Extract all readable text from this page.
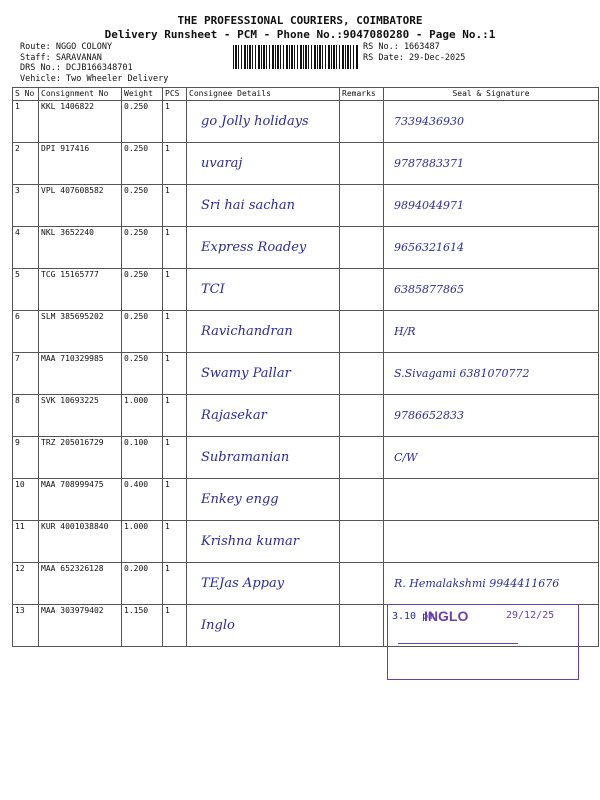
THE PROFESSIONAL COURIERS, COIMBATORE
Delivery Runsheet - PCM - Phone No.:9047080280 - Page No.:1
Route: NGGO COLONY
Staff: SARAVANAN
DRS No.: DCJB166348701
Vehicle: Two Wheeler Delivery
RS No.: 1663487
RS Date: 29-Dec-2025
S No	Consignment No	Weight	PCS	Consignee Details	Remarks	Seal & Signature
1	KKL 1406822	0.250	1	go Jolly holidays		7339436930
2	DPI 917416	0.250	1	uvaraj		9787883371
3	VPL 407608582	0.250	1	Sri hai sachan		9894044971
4	NKL 3652240	0.250	1	Express Roadey		9656321614
5	TCG 15165777	0.250	1	TCI		6385877865
6	SLM 385695202	0.250	1	Ravichandran		H/R
7	MAA 710329985	0.250	1	Swamy Pallar		S.Sivagami 6381070772
8	SVK 10693225	1.000	1	Rajasekar		9786652833
9	TRZ 205016729	0.100	1	Subramanian		C/W
10	MAA 708999475	0.400	1	Enkey engg		
11	KUR 4001038840	1.000	1	Krishna kumar		
12	MAA 652326128	0.200	1	TEJas Appay		R. Hemalakshmi 9944411676
13	MAA 303979402	1.150	1	Inglo		
3.10 pm
INGLO	29/12/25
